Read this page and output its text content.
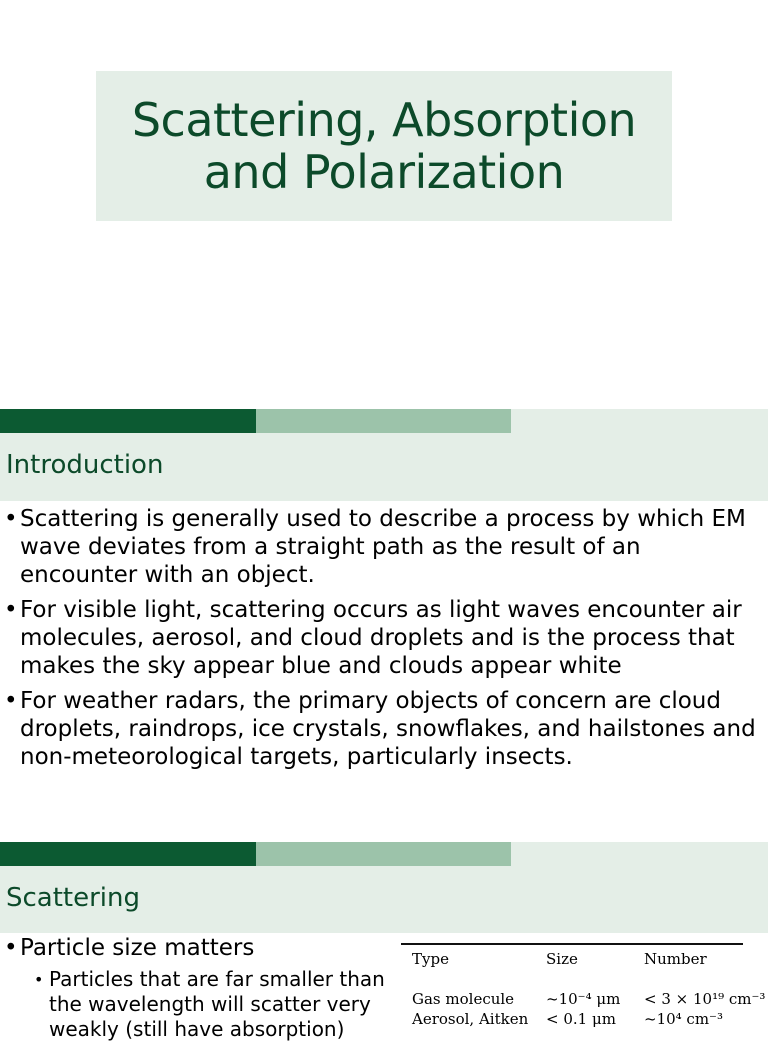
Scattering, Absorption and Polarization
Introduction
• Scattering is generally used to describe a process by which EM wave deviates from a straight path as the result of an encounter with an object.
• For visible light, scattering occurs as light waves encounter air molecules, aerosol, and cloud droplets and is the process that makes the sky appear blue and clouds appear white
• For weather radars, the primary objects of concern are cloud droplets, raindrops, ice crystals, snowflakes, and hailstones and non-meteorological targets, particularly insects.
Scattering
• Particle size matters
• Particles that are far smaller than the wavelength will scatter very weakly (still have absorption)
Type	Size	Number
Gas molecule ~10⁻⁴ μm < 3 × 10¹⁹ cm⁻³
Aerosol, Aitken < 0.1 μm ~10⁴ cm⁻³
